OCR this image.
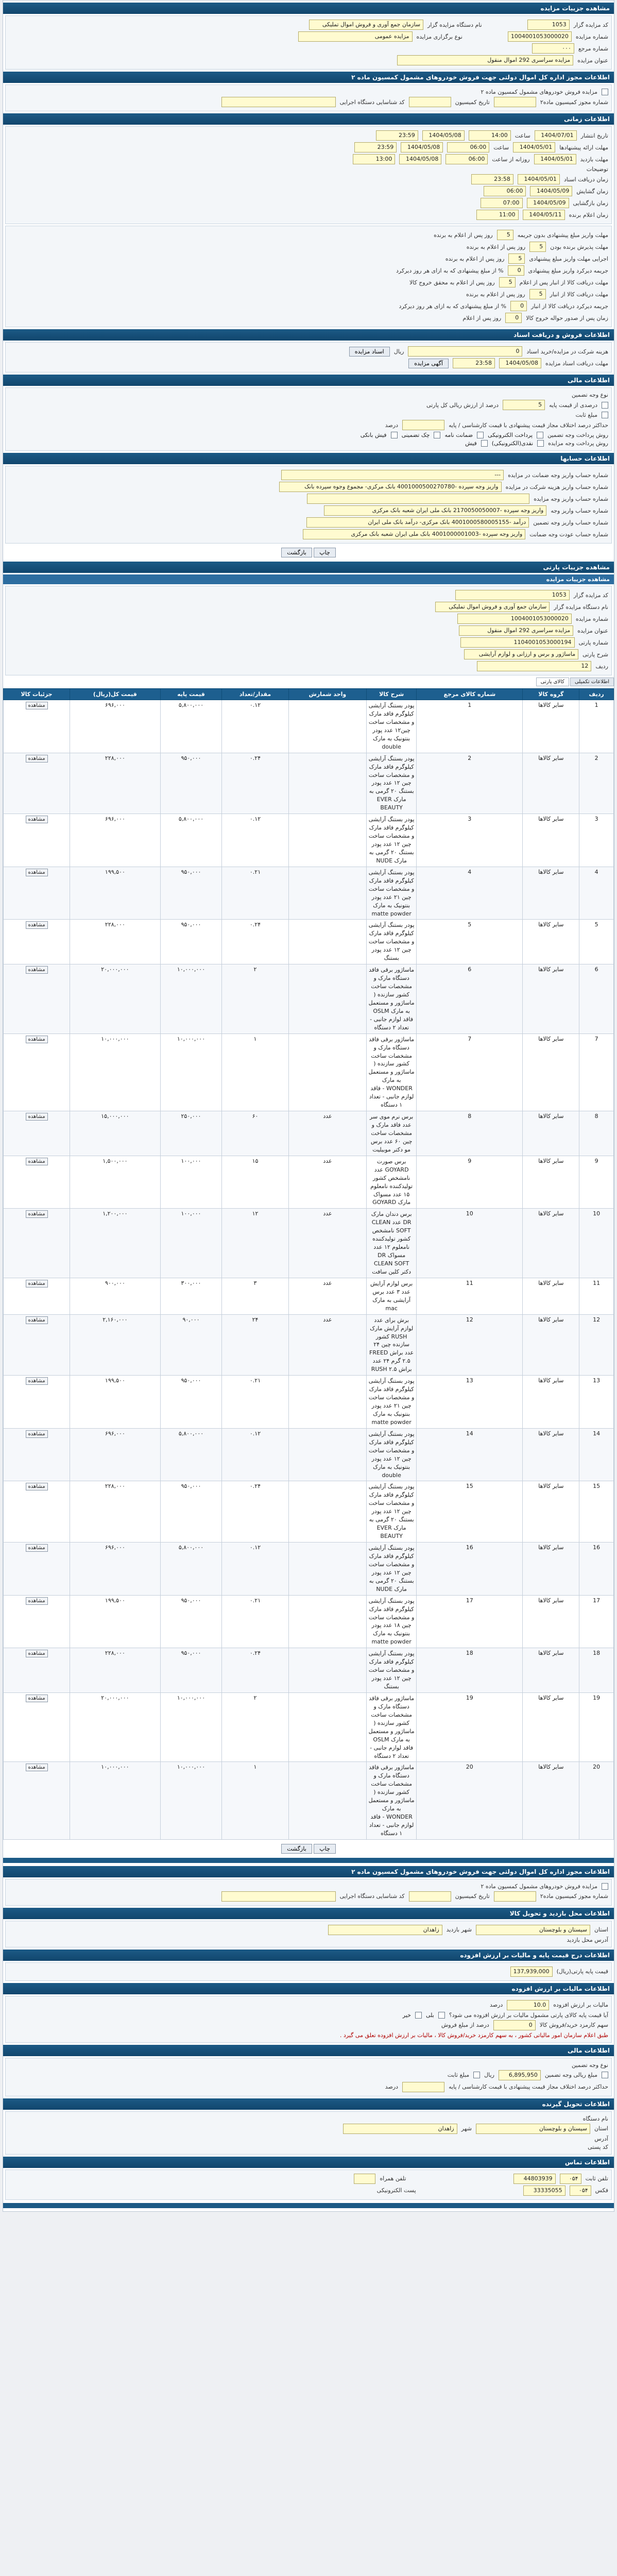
مشاهده جزییات مزایده
کد مزایده گزار
1053
نام دستگاه مزایده گزار
سازمان جمع آوری و فروش اموال تملیکی
شماره مزایده
1004001053000020
نوع برگزاری مزایده
مزایده عمومی
شماره مرجع
۰۰۰
عنوان مزایده
مزایده سراسری 292 اموال منقول
اطلاعات مجوز اداره کل اموال دولتی جهت فروش خودروهای مشمول کمسیون ماده ۲
مزایده فروش خودروهای مشمول کمسیون ماده ۲
شماره مجوز کمیسیون ماده۲
تاریخ کمیسیون
کد شناسایی دستگاه اجرایی
اطلاعات زمانی
تاریخ انتشار
1404/07/01
ساعت
14:00
1404/05/08
23:59
مهلت ارائه پیشنهادها
1404/05/01
ساعت
06:00
1404/05/08
23:59
مهلت بازدید
1404/05/01
روزانه از ساعت
06:00
1404/05/08
13:00
توضیحات
زمان دریافت اسناد
1404/05/01
23:58
زمان گشایش
1404/05/09
06:00
زمان بازگشایی
1404/05/09
07:00
زمان اعلام برنده
1404/05/11
11:00
مهلت واریز مبلغ پیشنهادی بدون جریمه
5
روز پس از اعلام به برنده
مهلت پذیرش برنده بودن
5
روز پس از اعلام به برنده
اجرایی مهلت واریز مبلغ پیشنهادی
5
روز پس از اعلام به برنده
جریمه دیرکرد واریز مبلغ پیشنهادی
0
% از مبلغ پیشنهادی که به ازای هر روز دیرکرد
مهلت دریافت کالا از انبار پس از اعلام
5
روز پس از اعلام به محقق خروج کالا
مهلت دریافت کالا از انبار
5
روز پس از اعلام به برنده
جریمه دیرکرد دریافت کالا از انبار
0
% از مبلغ پیشنهادی که به ازای هر روز دیرکرد
زمان پس از صدور حواله خروج کالا
0
روز پس از اعلام
اطلاعات فروش و دریافت اسناد
هزینه شرکت در مزایده/خرید اسناد
0
ریال
اسناد مزایده
مهلت دریافت اسناد مزایده
1404/05/08
23:58
آگهی مزایده
اطلاعات مالی
نوع وجه تضمین
درصدی از قیمت پایه
5
درصد از ارزش ریالی کل پارتی
مبلغ ثابت
حداکثر درصد اختلاف مجاز قیمت پیشنهادی با قیمت کارشناسی / پایه
درصد
روش پرداخت وجه تضمین
پرداخت الکترونیکی
ضمانت نامه
چک تضمینی
فیش بانکی
روش پرداخت وجه مزایده
نقدی(الکترونیکی)
فیش
اطلاعات حسابها
شماره حساب واریز وجه ضمانت در مزایده
---
شماره حساب واریز هزینه شرکت در مزایده
واریز وجه سپرده -4001000500270780 بانک مرکزی- مجموع وجوه سپرده بانک
شماره حساب واریز وجه مزایده
شماره حساب واریز وجه
واریز وجه سپرده -2170050050007 بانک ملی ایران شعبه بانک مرکزی
شماره حساب واریز وجه تضمین
درآمد -4001000580005155 بانک مرکزی- درآمد بانک ملی ایران
شماره حساب عودت وجه ضمانت
واریز وجه سپرده -4001000001003 بانک ملی ایران شعبه بانک مرکزی
چاپ بازگشت
مشاهده جزییات پارتی
مشاهده جزییات مزایده
کد مزایده گزار
1053
نام دستگاه مزایده گزار
سازمان جمع آوری و فروش اموال تملیکی
شماره مزایده
1004001053000020
عنوان مزایده
مزایده سراسری 292 اموال منقول
شماره پارتی
1104001053000194
شرح پارتی
ماساژور و برس و ارزانی و لوازم آرایشی
ردیف
12
اطلاعات تکمیلی
کالای پارتی
ردیف	گروه کالا	شماره کالای مرجع	شرح کالا	واحد شمارش	مقدار/تعداد	قیمت پایه	قیمت کل(ریال)	جزئیات کالا
1	سایر کالاها	1	پودر بستنگ آرایشی کیلوگرم فاقد مارک و مشخصات ساخت چین۱۲ عدد پودر بنتونیک به مارک double		۰.۱۲	۵,۸۰۰,۰۰۰	۶۹۶,۰۰۰	مشاهده
2	سایر کالاها	2	پودر بستنگ آرایشی کیلوگرم فاقد مارک و مشخصات ساخت چین ۱۲ عدد پودر بستنگ ۲۰ گرمی به مارک EVER BEAUTY		۰.۲۴	۹۵۰,۰۰۰	۲۲۸,۰۰۰	مشاهده
3	سایر کالاها	3	پودر بستنگ آرایشی کیلوگرم فاقد مارک و مشخصات ساخت چین ۱۲ عدد پودر بستنگ ۲۰ گرمی به مارک NUDE		۰.۱۲	۵,۸۰۰,۰۰۰	۶۹۶,۰۰۰	مشاهده
4	سایر کالاها	4	پودر بستنگ آرایشی کیلوگرم فاقد مارک و مشخصات ساخت چین ۲۱ عدد پودر بنتونیک به مارک matte powder		۰.۲۱	۹۵۰,۰۰۰	۱۹۹,۵۰۰	مشاهده
5	سایر کالاها	5	پودر بستنگ آرایشی کیلوگرم فاقد مارک و مشخصات ساخت چین ۱۲ عدد پودر بستنگ		۰.۲۴	۹۵۰,۰۰۰	۲۲۸,۰۰۰	مشاهده
6	سایر کالاها	6	ماساژور برقی فاقد دستگاه مارک و مشخصات ساخت کشور سازنده ( ماساژور و مستعمل به مارک OSLM فاقد لوازم جانبی - تعداد ۲ دستگاه		۲	۱۰,۰۰۰,۰۰۰	۲۰,۰۰۰,۰۰۰	مشاهده
7	سایر کالاها	7	ماساژور برقی فاقد دستگاه مارک و مشخصات ساخت کشور سازنده ( ماساژور و مستعمل به مارک WONDER - فاقد لوازم جانبی - تعداد ۱ دستگاه		۱	۱۰,۰۰۰,۰۰۰	۱۰,۰۰۰,۰۰۰	مشاهده
8	سایر کالاها	8	برس نرم موی سر عدد فاقد مارک و مشخصات ساخت چین ۶۰ عدد برس مو دکتر موبیلیت	عدد	۶۰	۲۵۰,۰۰۰	۱۵,۰۰۰,۰۰۰	مشاهده
9	سایر کالاها	9	برس صورت GOYARD عدد نامشخص کشور تولیدکننده نامعلوم ۱۵ عدد مسواک مارک GOYARD	عدد	۱۵	۱۰۰,۰۰۰	۱,۵۰۰,۰۰۰	مشاهده
10	سایر کالاها	10	برس دندان مارک DR عدد CLEAN SOFT نامشخص کشور تولیدکننده نامعلوم ۱۲ عدد مسواک DR CLEAN SOFT دکتر کلین سافت	عدد	۱۲	۱۰۰,۰۰۰	۱,۲۰۰,۰۰۰	مشاهده
11	سایر کالاها	11	برس لوازم آرایش عدد ۳ عدد برس آرایشی به مارک mac	عدد	۳	۳۰۰,۰۰۰	۹۰۰,۰۰۰	مشاهده
12	سایر کالاها	12	برش برای عدد لوازم آرایش مارک RUSH کشور سازنده چین ۲۴ عدد براش FREED ۲.۵ گرم ۲۴ عدد براش RUSH ۲.۵	عدد	۲۴	۹۰,۰۰۰	۲,۱۶۰,۰۰۰	مشاهده
13	سایر کالاها	13	پودر بستنگ آرایشی کیلوگرم فاقد مارک و مشخصات ساخت چین ۲۱ عدد پودر بنتونیک به مارک matte powder		۰.۲۱	۹۵۰,۰۰۰	۱۹۹,۵۰۰	مشاهده
14	سایر کالاها	14	پودر بستنگ آرایشی کیلوگرم فاقد مارک و مشخصات ساخت چین ۱۲ عدد پودر بنتونیک به مارک double		۰.۱۲	۵,۸۰۰,۰۰۰	۶۹۶,۰۰۰	مشاهده
15	سایر کالاها	15	پودر بستنگ آرایشی کیلوگرم فاقد مارک و مشخصات ساخت چین ۱۲ عدد پودر بستنگ ۲۰ گرمی به مارک EVER BEAUTY		۰.۲۴	۹۵۰,۰۰۰	۲۲۸,۰۰۰	مشاهده
16	سایر کالاها	16	پودر بستنگ آرایشی کیلوگرم فاقد مارک و مشخصات ساخت چین ۱۲ عدد پودر بستنگ ۲۰ گرمی به مارک NUDE		۰.۱۲	۵,۸۰۰,۰۰۰	۶۹۶,۰۰۰	مشاهده
17	سایر کالاها	17	پودر بستنگ آرایشی کیلوگرم فاقد مارک و مشخصات ساخت چین ۱۸ عدد پودر بنتونیک به مارک matte powder		۰.۲۱	۹۵۰,۰۰۰	۱۹۹,۵۰۰	مشاهده
18	سایر کالاها	18	پودر بستنگ آرایشی کیلوگرم فاقد مارک و مشخصات ساخت چین ۱۲ عدد پودر بستنگ		۰.۲۴	۹۵۰,۰۰۰	۲۲۸,۰۰۰	مشاهده
19	سایر کالاها	19	ماساژور برقی فاقد دستگاه مارک و مشخصات ساخت کشور سازنده ( ماساژور و مستعمل به مارک OSLM فاقد لوازم جانبی - تعداد ۲ دستگاه		۲	۱۰,۰۰۰,۰۰۰	۲۰,۰۰۰,۰۰۰	مشاهده
20	سایر کالاها	20	ماساژور برقی فاقد دستگاه مارک و مشخصات ساخت کشور سازنده ( ماساژور و مستعمل به مارک WONDER - فاقد لوازم جانبی - تعداد ۱ دستگاه		۱	۱۰,۰۰۰,۰۰۰	۱۰,۰۰۰,۰۰۰	مشاهده
چاپ بازگشت
اطلاعات مجوز اداره کل اموال دولتی جهت فروش خودروهای مشمول کمسیون ماده ۲
مزایده فروش خودروهای مشمول کمسیون ماده ۲
شماره مجوز کمیسیون ماده۲
تاریخ کمیسیون
کد شناسایی دستگاه اجرایی
اطلاعات محل بازدید و تحویل کالا
استان
سیستان و بلوچستان
شهر بازدید
زاهدان
آدرس محل بازدید
اطلاعات درج قیمت پایه و مالیات بر ارزش افزوده
قیمت پایه پارتی(ریال)
137,939,000
اطلاعات مالیات بر ارزش افزوده
مالیات بر ارزش افزوده
10.0
درصد
آیا قیمت پایه کالای پارتی مشمول مالیات بر ارزش افزوده می شود؟
بلی
خیر
سهم کارمزد خرید/فروش کالا
0
درصد از مبلغ فروش
طبق اعلام سازمان امور مالیاتی کشور ، به سهم کارمزد خرید/فروش کالا ، مالیات بر ارزش افزوده تعلق می گیرد .
اطلاعات مالی
نوع وجه تضمین
مبلغ ریالی وجه تضمین
6,895,950
ریال
مبلغ ثابت
حداکثر درصد اختلاف مجاز قیمت پیشنهادی با قیمت کارشناسی / پایه
درصد
اطلاعات تحویل گیرنده
نام دستگاه
استان
سیستان و بلوچستان
شهر
زاهدان
آدرس
کد پستی
اطلاعات تماس
تلفن ثابت
۰۵۴
44803939
تلفن همراه
فکس
۰۵۴
33335055
پست الکترونیکی
